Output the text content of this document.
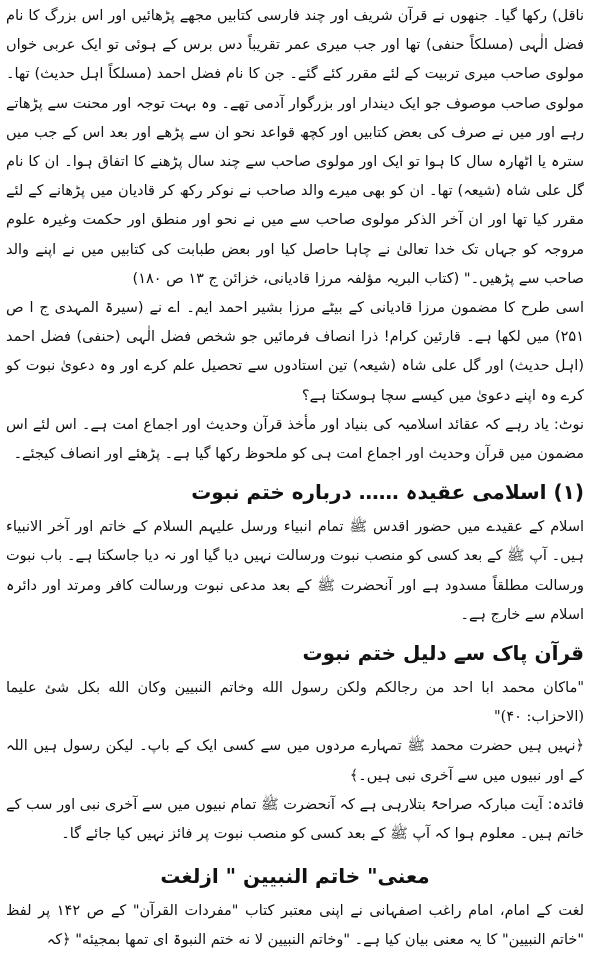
ناقل) رکھا گیا۔ جنھوں نے قرآن شریف اور چند فارسی کتابیں مجھے پڑھائیں اور اس بزرگ کا نام فضل الٰہی (مسلکاً حنفی) تھا اور جب میری عمر تقریباً دس برس کے ہوئی تو ایک عربی خواں مولوی صاحب میری تربیت کے لئے مقرر کئے گئے۔ جن کا نام فضل احمد (مسلکاً اہل حدیث) تھا۔ مولوی صاحب موصوف جو ایک دیندار اور بزرگوار آدمی تھے۔ وہ بہت توجہ اور محنت سے پڑھاتے رہے اور میں نے صرف کی بعض کتابیں اور کچھ قواعد نحو ان سے پڑھے اور بعد اس کے جب میں سترہ یا اٹھارہ سال کا ہوا تو ایک اور مولوی صاحب سے چند سال پڑھنے کا اتفاق ہوا۔ ان کا نام گل علی شاہ (شیعہ) تھا۔ ان کو بھی میرے والد صاحب نے نوکر رکھ کر قادیان میں پڑھانے کے لئے مقرر کیا تھا اور ان آخر الذکر مولوی صاحب سے میں نے نحو اور منطق اور حکمت وغیرہ علوم مروجہ کو جہاں تک خدا تعالیٰ نے چاہا حاصل کیا اور بعض طبابت کی کتابیں میں نے اپنے والد صاحب سے پڑھیں۔" (کتاب البریہ مؤلفہ مرزا قادیانی، خزائن ج ۱۳ ص ۱۸۰)

اسی طرح کا مضمون مرزا قادیانی کے بیٹے مرزا بشیر احمد ایم۔ اے نے (سیرۃ المہدی ج ا ص ۲۵۱) میں لکھا ہے۔ قارئین کرام! ذرا انصاف فرمائیں جو شخص فضل الٰہی (حنفی) فضل احمد (اہل حدیث) اور گل علی شاہ (شیعہ) تین استادوں سے تحصیل علم کرے اور وہ دعویٰ نبوت کو کرے وہ اپنے دعویٰ میں کیسے سچا ہوسکتا ہے؟

نوٹ: یاد رہے کہ عقائد اسلامیہ کی بنیاد اور مأخذ قرآن وحدیث اور اجماع امت ہے۔ اس لئے اس مضمون میں قرآن وحدیث اور اجماع امت ہی کو ملحوظ رکھا گیا ہے۔ پڑھئے اور انصاف کیجئے۔

(۱) اسلامی عقیدہ …… درباره ختم نبوت

اسلام کے عقیدے میں حضور اقدس ﷺ تمام انبیاء ورسل علیہم السلام کے خاتم اور آخر الانبیاء ہیں۔ آپ ﷺ کے بعد کسی کو منصب نبوت ورسالت نہیں دیا گیا اور نہ دیا جاسکتا ہے۔ باب نبوت ورسالت مطلقاً مسدود ہے اور آنحضرت ﷺ کے بعد مدعی نبوت ورسالت کافر ومرتد اور دائرہ اسلام سے خارج ہے۔

قرآن پاک سے دلیل ختم نبوت

"ماکان محمد ابا احد من رجالکم ولکن رسول الله وخاتم النبیین وکان الله بکل شئ علیما (الاحزاب: ۴۰)"

﴿نہیں ہیں حضرت محمد ﷺ تمہارے مردوں میں سے کسی ایک کے باپ۔ لیکن رسول ہیں اللہ کے اور نبیوں میں سے آخری نبی ہیں۔﴾

فائدہ: آیت مبارکہ صراحۃً بتلارہی ہے کہ آنحضرت ﷺ تمام نبیوں میں سے آخری نبی اور سب کے خاتم ہیں۔ معلوم ہوا کہ آپ ﷺ کے بعد کسی کو منصب نبوت پر فائز نہیں کیا جائے گا۔

معنی" خاتم النبیین " ازلغت

لغت کے امام، امام راغب اصفہانی نے اپنی معتبر کتاب "مفردات القرآن" کے ص ۱۴۲ پر لفظ "خاتم النبیین" کا یہ معنی بیان کیا ہے۔ "وخاتم النبیین لا نه ختم النبوۃ ای تمها بمجیئه" ﴿کہ
